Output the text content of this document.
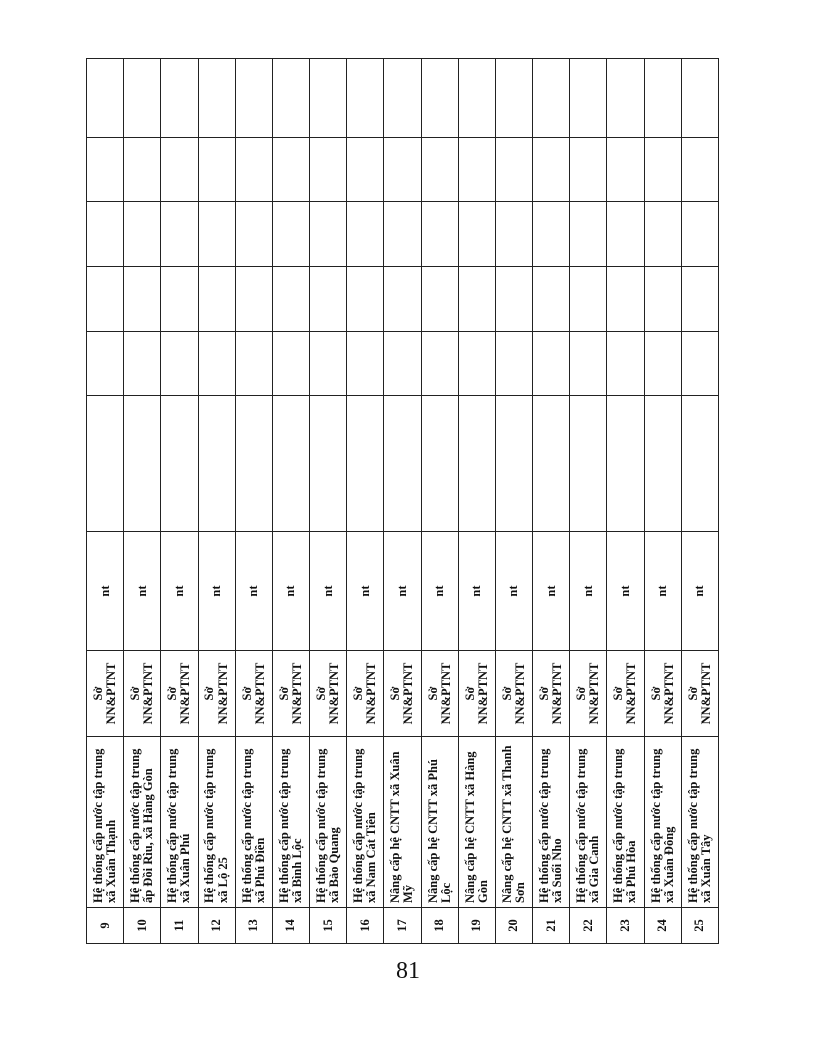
9	Hệ thống cấp nước tập trung xã Xuân Thạnh	Sở NN&PTNT	nt						
10	Hệ thống cấp nước tập trung ấp Đồi Rìu, xã Hàng Gòn	Sở NN&PTNT	nt						
11	Hệ thống cấp nước tập trung xã Xuân Phú	Sở NN&PTNT	nt						
12	Hệ thống cấp nước tập trung xã Lộ 25	Sở NN&PTNT	nt						
13	Hệ thống cấp nước tập trung xã Phú Điền	Sở NN&PTNT	nt						
14	Hệ thống cấp nước tập trung xã Bình Lộc	Sở NN&PTNT	nt						
15	Hệ thống cấp nước tập trung xã Bảo Quang	Sở NN&PTNT	nt						
16	Hệ thống cấp nước tập trung xã Nam Cát Tiên	Sở NN&PTNT	nt						
17	Nâng cấp hệ CNTT xã Xuân Mỹ	Sở NN&PTNT	nt						
18	Nâng cấp hệ CNTT xã Phú Lộc	Sở NN&PTNT	nt						
19	Nâng cấp hệ CNTT xã Hàng Gòn	Sở NN&PTNT	nt						
20	Nâng cấp hệ CNTT xã Thanh Sơn	Sở NN&PTNT	nt						
21	Hệ thống cấp nước tập trung xã Suối Nho	Sở NN&PTNT	nt						
22	Hệ thống cấp nước tập trung xã Gia Canh	Sở NN&PTNT	nt						
23	Hệ thống cấp nước tập trung xã Phú Hòa	Sở NN&PTNT	nt						
24	Hệ thống cấp nước tập trung xã Xuân Đông	Sở NN&PTNT	nt						
25	Hệ thống cấp nước tập trung xã Xuân Tây	Sở NN&PTNT	nt						
81
